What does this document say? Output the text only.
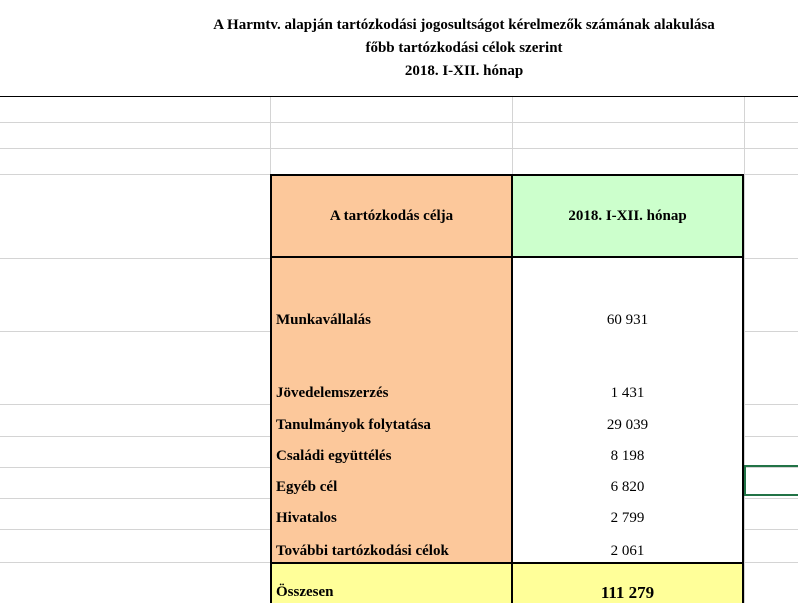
A Harmtv. alapján tartózkodási jogosultságot kérelmezők számának alakulása
főbb tartózkodási célok szerint
2018. I-XII. hónap
A tartózkodás célja	2018. I-XII. hónap
Munkavállalás	60 931
Jövedelemszerzés	1 431
Tanulmányok folytatása	29 039
Családi együttélés	8 198
Egyéb cél	6 820
Hivatalos	2 799
További tartózkodási célok	2 061
Összesen	111 279
